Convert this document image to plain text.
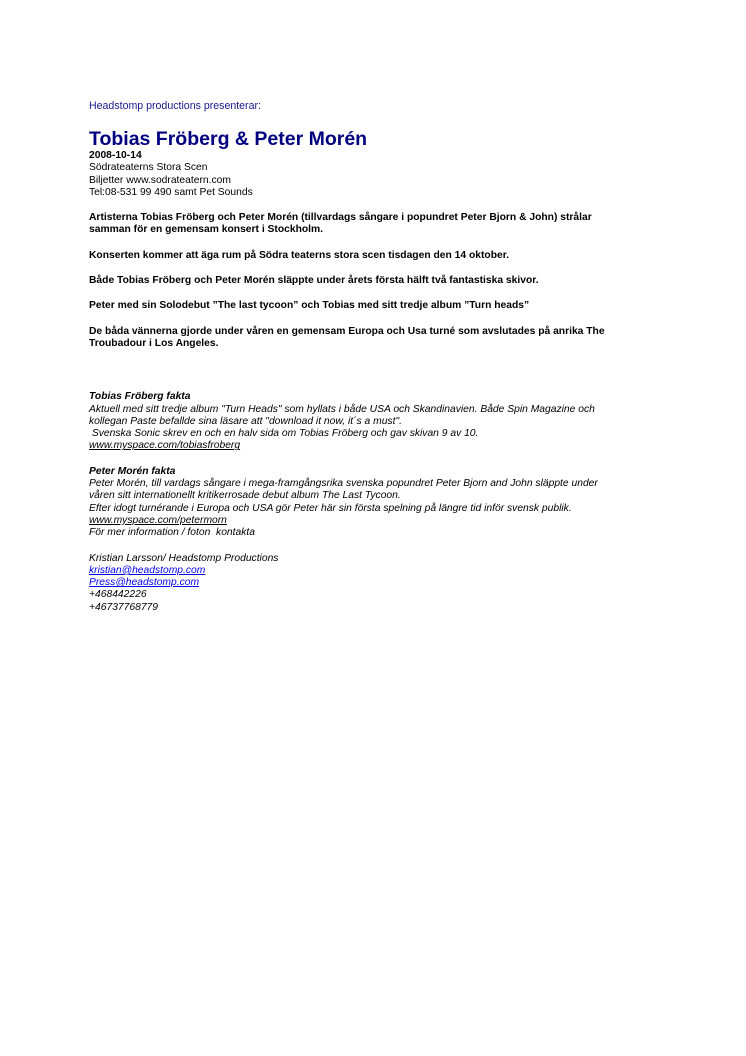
Headstomp productions presenterar:

Tobias Fröberg & Peter Morén

2008-10-14

Södrateaterns Stora Scen

Biljetter www.sodrateatern.com

Tel:08-531 99 490 samt Pet Sounds

Artisterna Tobias Fröberg och Peter Morén (tillvardags sångare i popundret Peter Bjorn & John) strålar

samman för en gemensam konsert i Stockholm.

Konserten kommer att äga rum på Södra teaterns stora scen tisdagen den 14 oktober.

Både Tobias Fröberg och Peter Morén släppte under årets första hälft två fantastiska skivor.

Peter med sin Solodebut ”The last tycoon” och Tobias med sitt tredje album ”Turn heads”

De båda vännerna gjorde under våren en gemensam Europa och Usa turné som avslutades på anrika The

Troubadour i Los Angeles.

Tobias Fröberg fakta

Aktuell med sitt tredje album "Turn Heads" som hyllats i både USA och Skandinavien. Både Spin Magazine och

kollegan Paste befallde sina läsare att "download it now, it´s a must".

Svenska Sonic skrev en och en halv sida om Tobias Fröberg och gav skivan 9 av 10.

www.myspace.com/tobiasfroberg

Peter Morén fakta

Peter Morén, till vardags sångare i mega-framgångsrika svenska popundret Peter Bjorn and John släppte under

våren sitt internationellt kritikerrosade debut album The Last Tycoon.

Efter idogt turnérande i Europa och USA gör Peter här sin första spelning på längre tid inför svensk publik.

www.myspace.com/petermorn

För mer information / foton  kontakta

Kristian Larsson/ Headstomp Productions

kristian@headstomp.com
Press@headstomp.com

+468442226

+46737768779
